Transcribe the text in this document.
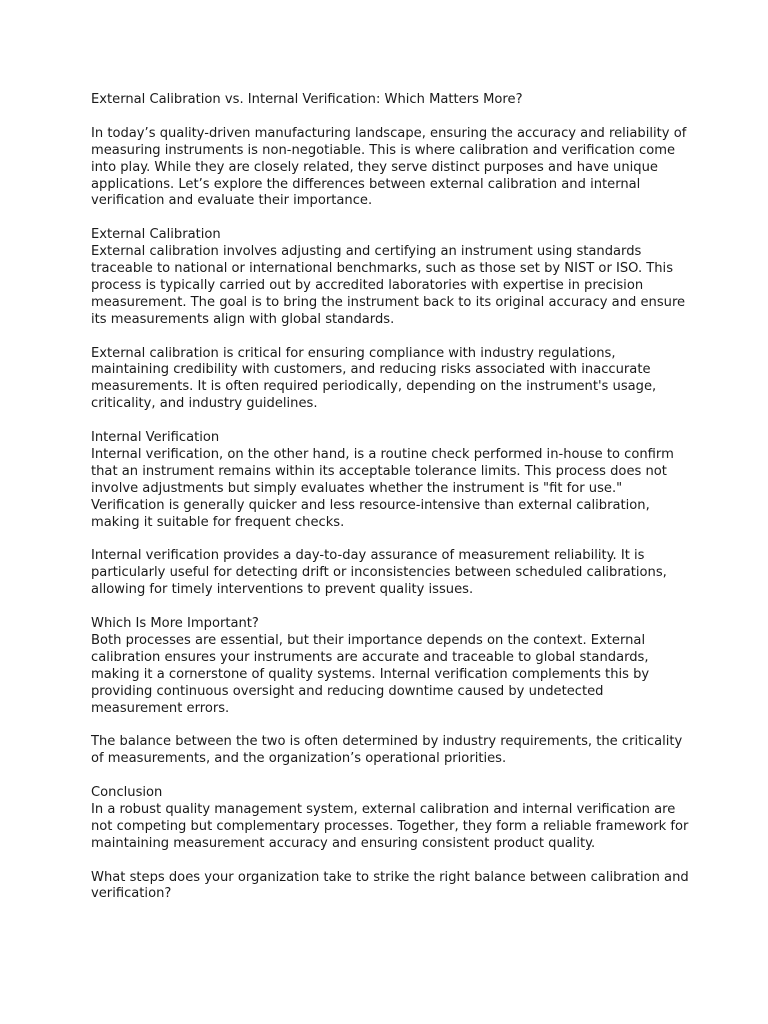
External Calibration vs. Internal Verification: Which Matters More?

In today’s quality-driven manufacturing landscape, ensuring the accuracy and reliability of measuring instruments is non-negotiable. This is where calibration and verification come into play. While they are closely related, they serve distinct purposes and have unique applications. Let’s explore the differences between external calibration and internal verification and evaluate their importance.

External Calibration
External calibration involves adjusting and certifying an instrument using standards traceable to national or international benchmarks, such as those set by NIST or ISO. This process is typically carried out by accredited laboratories with expertise in precision measurement. The goal is to bring the instrument back to its original accuracy and ensure its measurements align with global standards.

External calibration is critical for ensuring compliance with industry regulations, maintaining credibility with customers, and reducing risks associated with inaccurate measurements. It is often required periodically, depending on the instrument's usage, criticality, and industry guidelines.

Internal Verification
Internal verification, on the other hand, is a routine check performed in-house to confirm that an instrument remains within its acceptable tolerance limits. This process does not involve adjustments but simply evaluates whether the instrument is "fit for use." Verification is generally quicker and less resource-intensive than external calibration, making it suitable for frequent checks.

Internal verification provides a day-to-day assurance of measurement reliability. It is particularly useful for detecting drift or inconsistencies between scheduled calibrations, allowing for timely interventions to prevent quality issues.

Which Is More Important?
Both processes are essential, but their importance depends on the context. External calibration ensures your instruments are accurate and traceable to global standards, making it a cornerstone of quality systems. Internal verification complements this by providing continuous oversight and reducing downtime caused by undetected measurement errors.

The balance between the two is often determined by industry requirements, the criticality of measurements, and the organization’s operational priorities.

Conclusion
In a robust quality management system, external calibration and internal verification are not competing but complementary processes. Together, they form a reliable framework for maintaining measurement accuracy and ensuring consistent product quality.

What steps does your organization take to strike the right balance between calibration and verification?
